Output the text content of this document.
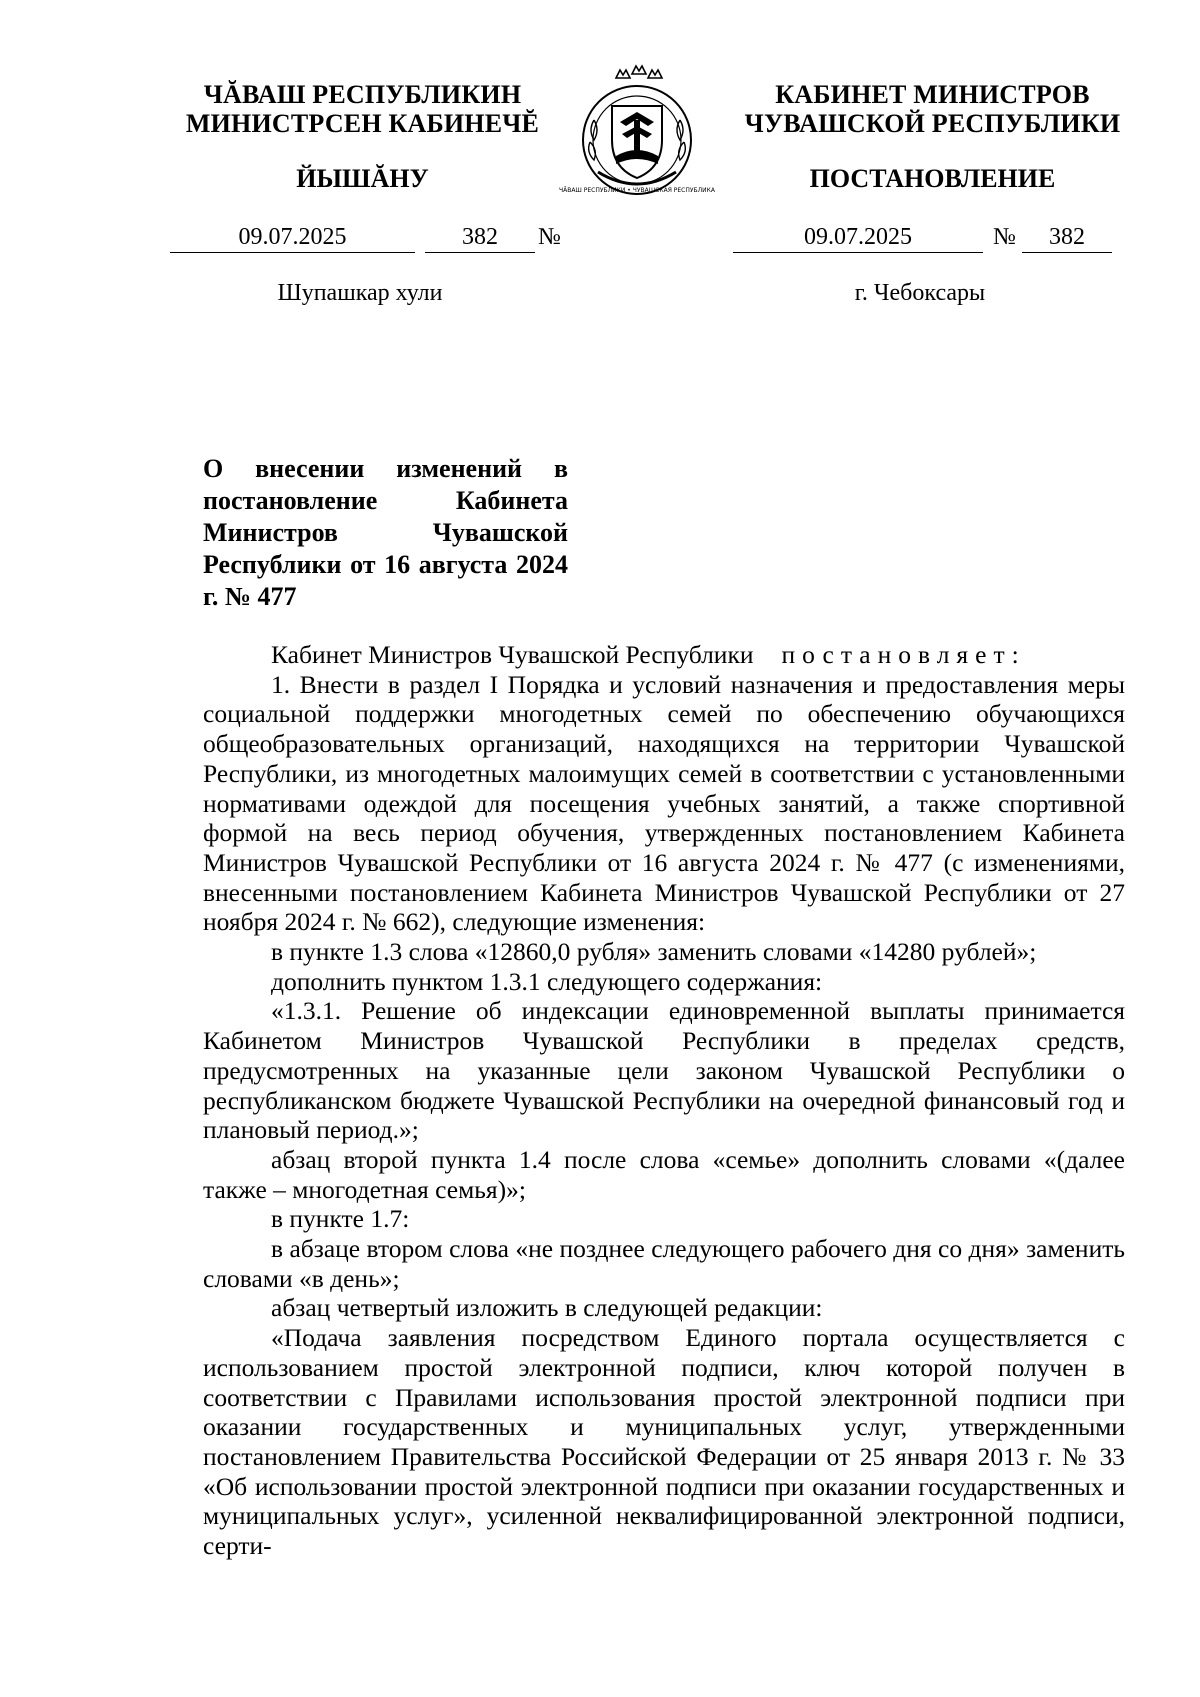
ЧĂВАШ РЕСПУБЛИКИН
МИНИСТРСЕН КАБИНЕЧĔ
ЙЫШĂНУ	ЧĂВАШ РЕСПУБЛИКИ • ЧУВАШСКАЯ РЕСПУБЛИКА
КАБИНЕТ МИНИСТРОВ
ЧУВАШСКОЙ РЕСПУБЛИКИ
ПОСТАНОВЛЕНИЕ
09.07.2025	382	№	09.07.2025	№	382
Шупашкар хули	г. Чебоксары
О внесении изменений в постановление Кабинета Министров Чувашской Республики от 16 августа 2024 г. № 477

Кабинет Министров Чувашской Республики постановляет:

1. Внести в раздел I Порядка и условий назначения и предоставления меры социальной поддержки многодетных семей по обеспечению обучающихся общеобразовательных организаций, находящихся на территории Чувашской Республики, из многодетных малоимущих семей в соответствии с установленными нормативами одеждой для посещения учебных занятий, а также спортивной формой на весь период обучения, утвержденных постановлением Кабинета Министров Чувашской Республики от 16 августа 2024 г. № 477 (с изменениями, внесенными постановлением Кабинета Министров Чувашской Республики от 27 ноября 2024 г. № 662), следующие изменения:

в пункте 1.3 слова «12860,0 рубля» заменить словами «14280 рублей»;

дополнить пунктом 1.3.1 следующего содержания:

«1.3.1. Решение об индексации единовременной выплаты принимается Кабинетом Министров Чувашской Республики в пределах средств, предусмотренных на указанные цели законом Чувашской Республики о республиканском бюджете Чувашской Республики на очередной финансовый год и плановый период.»;

абзац второй пункта 1.4 после слова «семье» дополнить словами «(далее также – многодетная семья)»;

в пункте 1.7:

в абзаце втором слова «не позднее следующего рабочего дня со дня» заменить словами «в день»;

абзац четвертый изложить в следующей редакции:

«Подача заявления посредством Единого портала осуществляется с использованием простой электронной подписи, ключ которой получен в соответствии с Правилами использования простой электронной подписи при оказании государственных и муниципальных услуг, утвержденными постановлением Правительства Российской Федерации от 25 января 2013 г. № 33 «Об использовании простой электронной подписи при оказании государственных и муниципальных услуг», усиленной неквалифицированной электронной подписи, серти-
